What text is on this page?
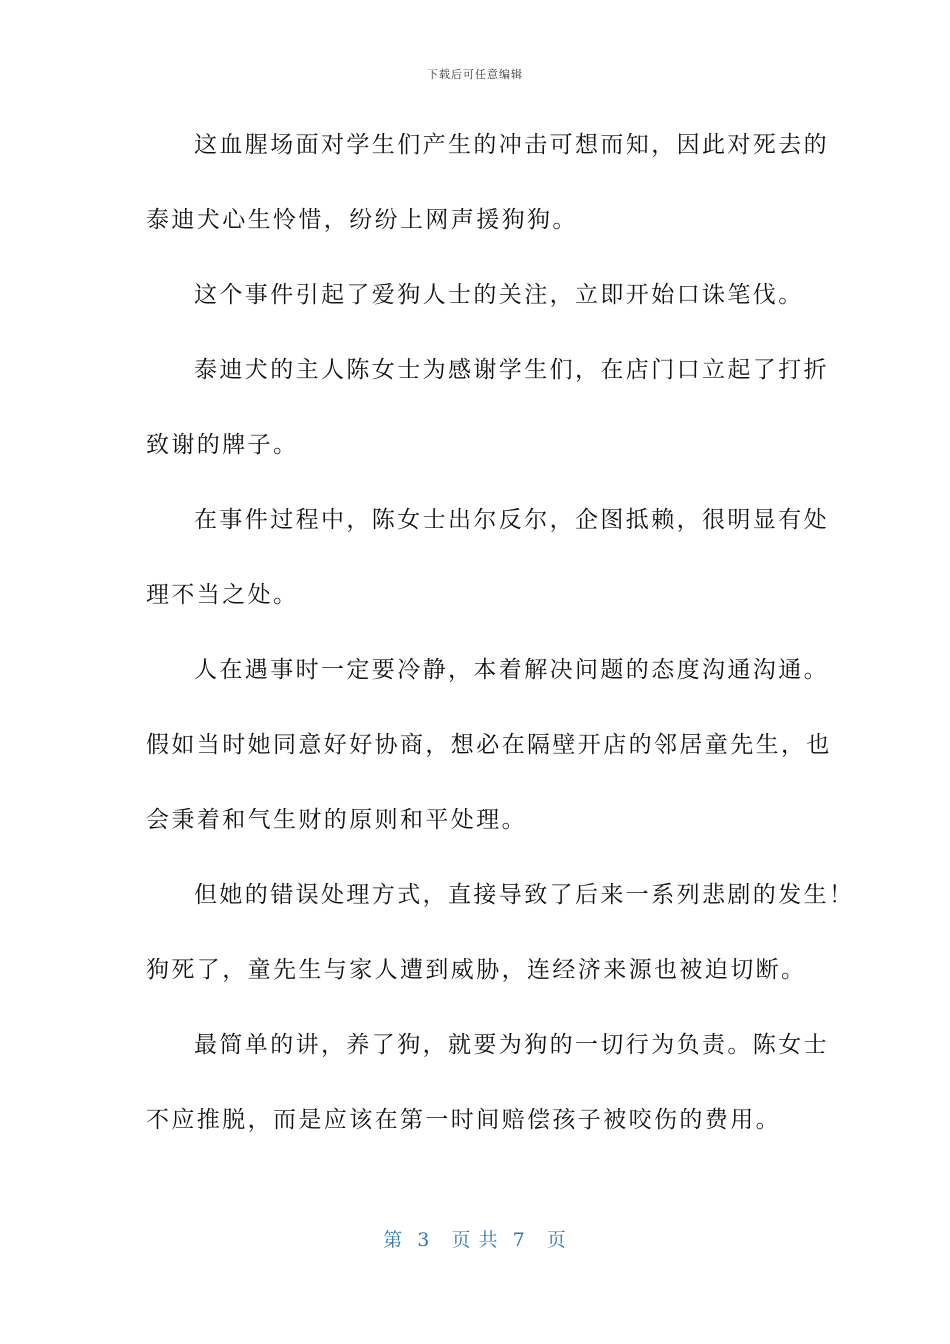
下载后可任意编辑
这血腥场面对学生们产生的冲击可想而知，因此对死去的
泰迪犬心生怜惜，纷纷上网声援狗狗。
这个事件引起了爱狗人士的关注，立即开始口诛笔伐。
泰迪犬的主人陈女士为感谢学生们，在店门口立起了打折
致谢的牌子。
在事件过程中，陈女士出尔反尔，企图抵赖，很明显有处
理不当之处。
人在遇事时一定要冷静，本着解决问题的态度沟通沟通。
假如当时她同意好好协商，想必在隔壁开店的邻居童先生，也
会秉着和气生财的原则和平处理。
但她的错误处理方式，直接导致了后来一系列悲剧的发生！
狗死了，童先生与家人遭到威胁，连经济来源也被迫切断。
最简单的讲，养了狗，就要为狗的一切行为负责。陈女士
不应推脱，而是应该在第一时间赔偿孩子被咬伤的费用。
第  3   页 共  7   页
